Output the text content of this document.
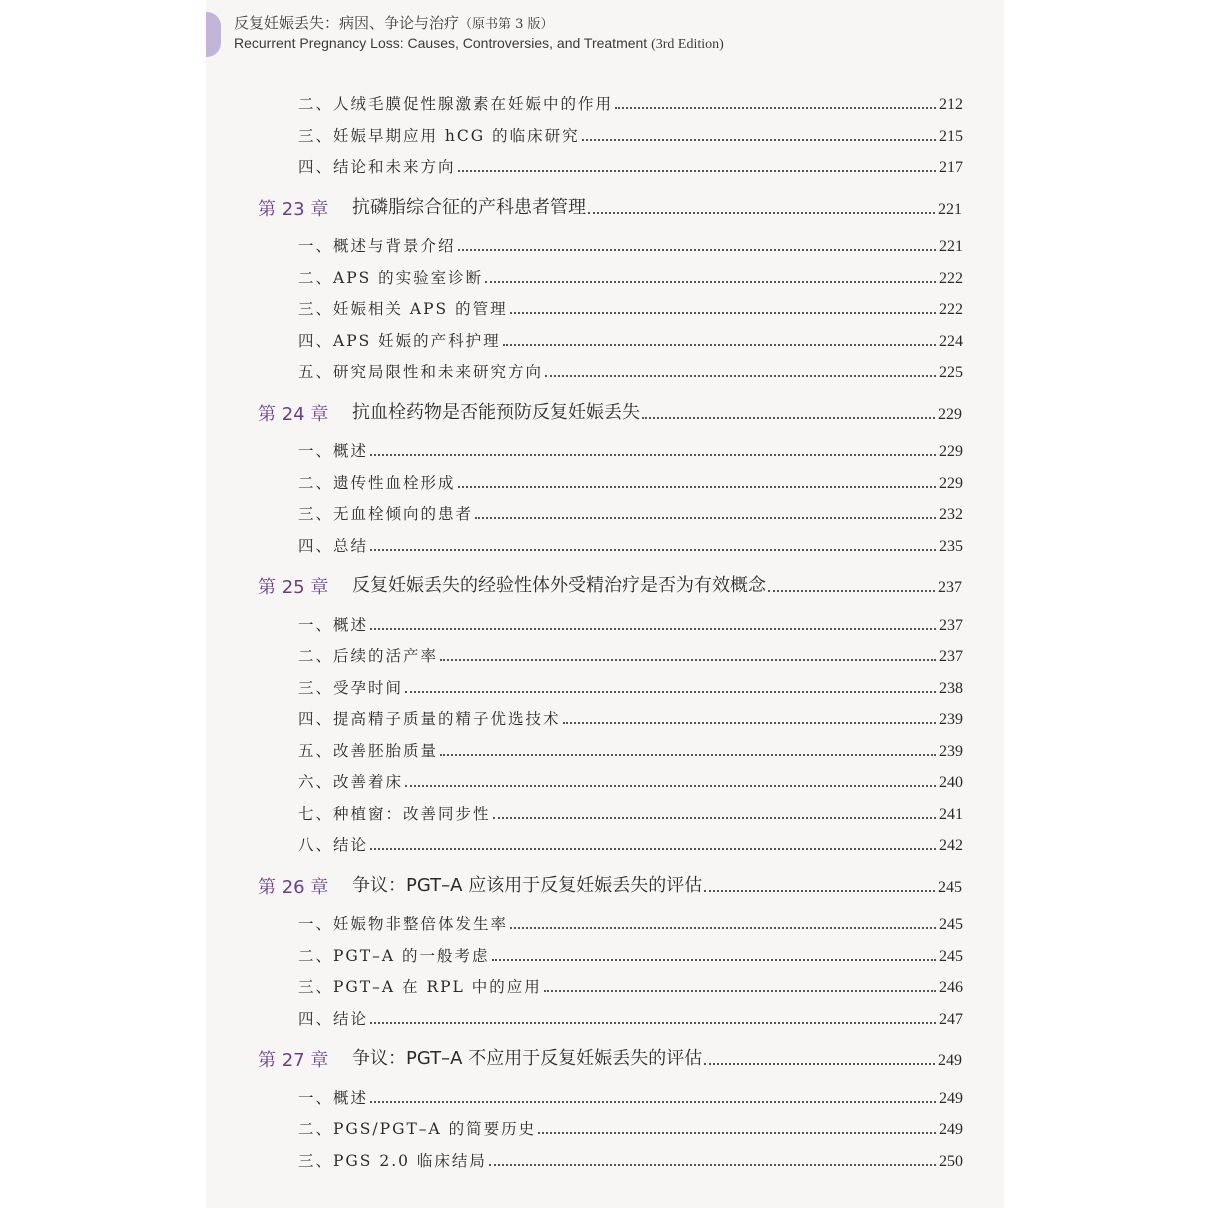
反复妊娠丢失：病因、争论与治疗（原书第 3 版）
Recurrent Pregnancy Loss: Causes, Controversies, and Treatment (3rd Edition)
二、人绒毛膜促性腺激素在妊娠中的作用	212
三、妊娠早期应用 hCG 的临床研究	215
四、结论和未来方向	217
第 23 章	抗磷脂综合征的产科患者管理	221
一、概述与背景介绍	221
二、APS 的实验室诊断	222
三、妊娠相关 APS 的管理	222
四、APS 妊娠的产科护理	224
五、研究局限性和未来研究方向	225
第 24 章	抗血栓药物是否能预防反复妊娠丢失	229
一、概述	229
二、遗传性血栓形成	229
三、无血栓倾向的患者	232
四、总结	235
第 25 章	反复妊娠丢失的经验性体外受精治疗是否为有效概念	237
一、概述	237
二、后续的活产率	237
三、受孕时间	238
四、提高精子质量的精子优选技术	239
五、改善胚胎质量	239
六、改善着床	240
七、种植窗：改善同步性	241
八、结论	242
第 26 章	争议：PGT–A 应该用于反复妊娠丢失的评估	245
一、妊娠物非整倍体发生率	245
二、PGT–A 的一般考虑	245
三、PGT–A 在 RPL 中的应用	246
四、结论	247
第 27 章	争议：PGT–A 不应用于反复妊娠丢失的评估	249
一、概述	249
二、PGS/PGT–A 的简要历史	249
三、PGS 2.0 临床结局	250
